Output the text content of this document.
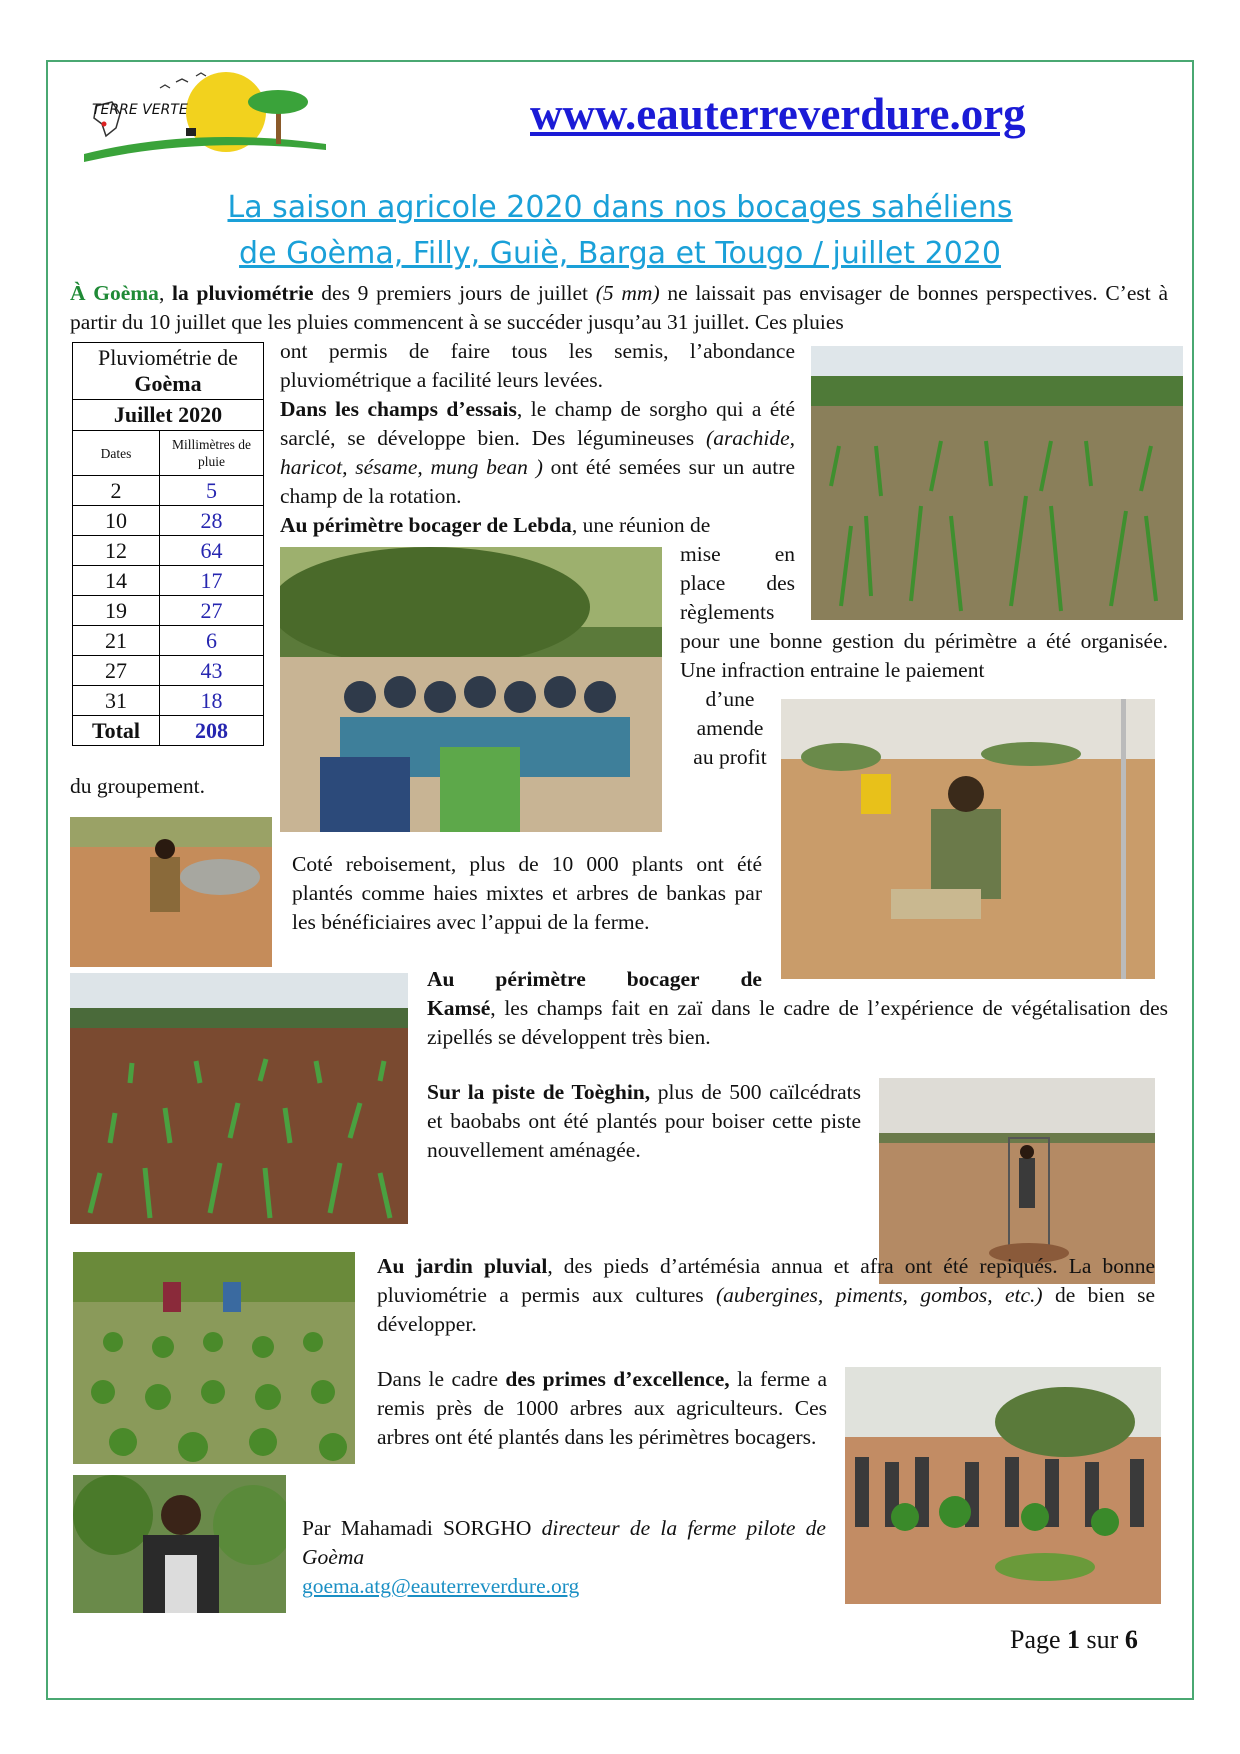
TERRE VERTE	www.eauterreverdure.org
La saison agricole 2020 dans nos bocages sahéliens
de Goèma, Filly, Guiè, Barga et Tougo / juillet 2020
À Goèma, la pluviométrie des 9 premiers jours de juillet (5 mm) ne laissait pas envisager de bonnes perspectives. C’est à partir du 10 juillet que les pluies commencent à se succéder jusqu’au 31 juillet. Ces pluies
Pluviométrie de
Goèma	
Juillet 2020	
Dates	Millimètres de pluie
2	5
10	28
12	64
14	17
19	27
21	6
27	43
31	18
Total	208
ont permis de faire tous les semis, l’abondance pluviométrique a facilité leurs levées.
Dans les champs d’essais, le champ de sorgho qui a été sarclé, se développe bien. Des légumineuses (arachide, haricot, sésame, mung bean ) ont été semées sur un autre champ de la rotation.
Au périmètre bocager de Lebda, une réunion de
mise	en
place des
règlements
pour une bonne gestion du périmètre a été organisée. Une infraction entraine le paiement
d’une
amende
au profit
du groupement.
Coté reboisement, plus de 10 000 plants ont été plantés comme haies mixtes et arbres de bankas par les bénéficiaires avec l’appui de la ferme.
Au périmètre bocager de
Kamsé, les champs fait en zaï dans le cadre de l’expérience de végétalisation des zipellés se développent très bien.
Sur la piste de Toèghin, plus de 500 caïlcédrats et baobabs ont été plantés pour boiser cette piste nouvellement aménagée.
Au jardin pluvial, des pieds d’artémésia annua et afra ont été repiqués. La bonne pluviométrie a permis aux cultures (aubergines, piments, gombos, etc.) de bien se développer.
Dans le cadre des primes d’excellence, la ferme a remis près de 1000 arbres aux agriculteurs. Ces arbres ont été plantés dans les périmètres bocagers.
Par Mahamadi SORGHO directeur de la ferme pilote de Goèma
goema.atg@eauterreverdure.org
Page 1 sur 6
